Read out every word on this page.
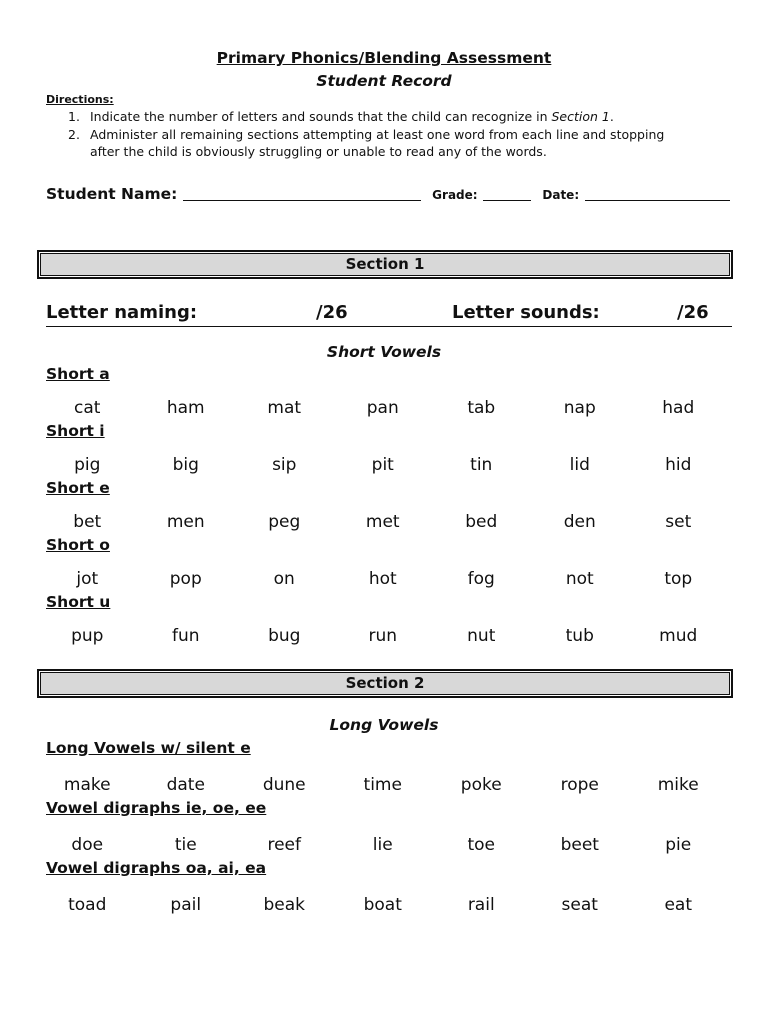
Primary Phonics/Blending Assessment
Student Record
Directions:
1. Indicate the number of letters and sounds that the child can recognize in Section 1.
2. Administer all remaining sections attempting at least one word from each line and stopping
after the child is obviously struggling or unable to read any of the words.
Student Name:	Grade:	Date:
Section 1
Letter naming:	/26	Letter sounds:	/26
Short Vowels
Short a
cat	ham	mat	pan	tab	nap	had
Short i
pig	big	sip	pit	tin	lid	hid
Short e
bet	men	peg	met	bed	den	set
Short o
jot	pop	on	hot	fog	not	top
Short u
pup	fun	bug	run	nut	tub	mud
Section 2
Long Vowels
Long Vowels w/ silent e
make	date	dune	time	poke	rope	mike
Vowel digraphs ie, oe, ee
doe	tie	reef	lie	toe	beet	pie
Vowel digraphs oa, ai, ea
toad	pail	beak	boat	rail	seat	eat
